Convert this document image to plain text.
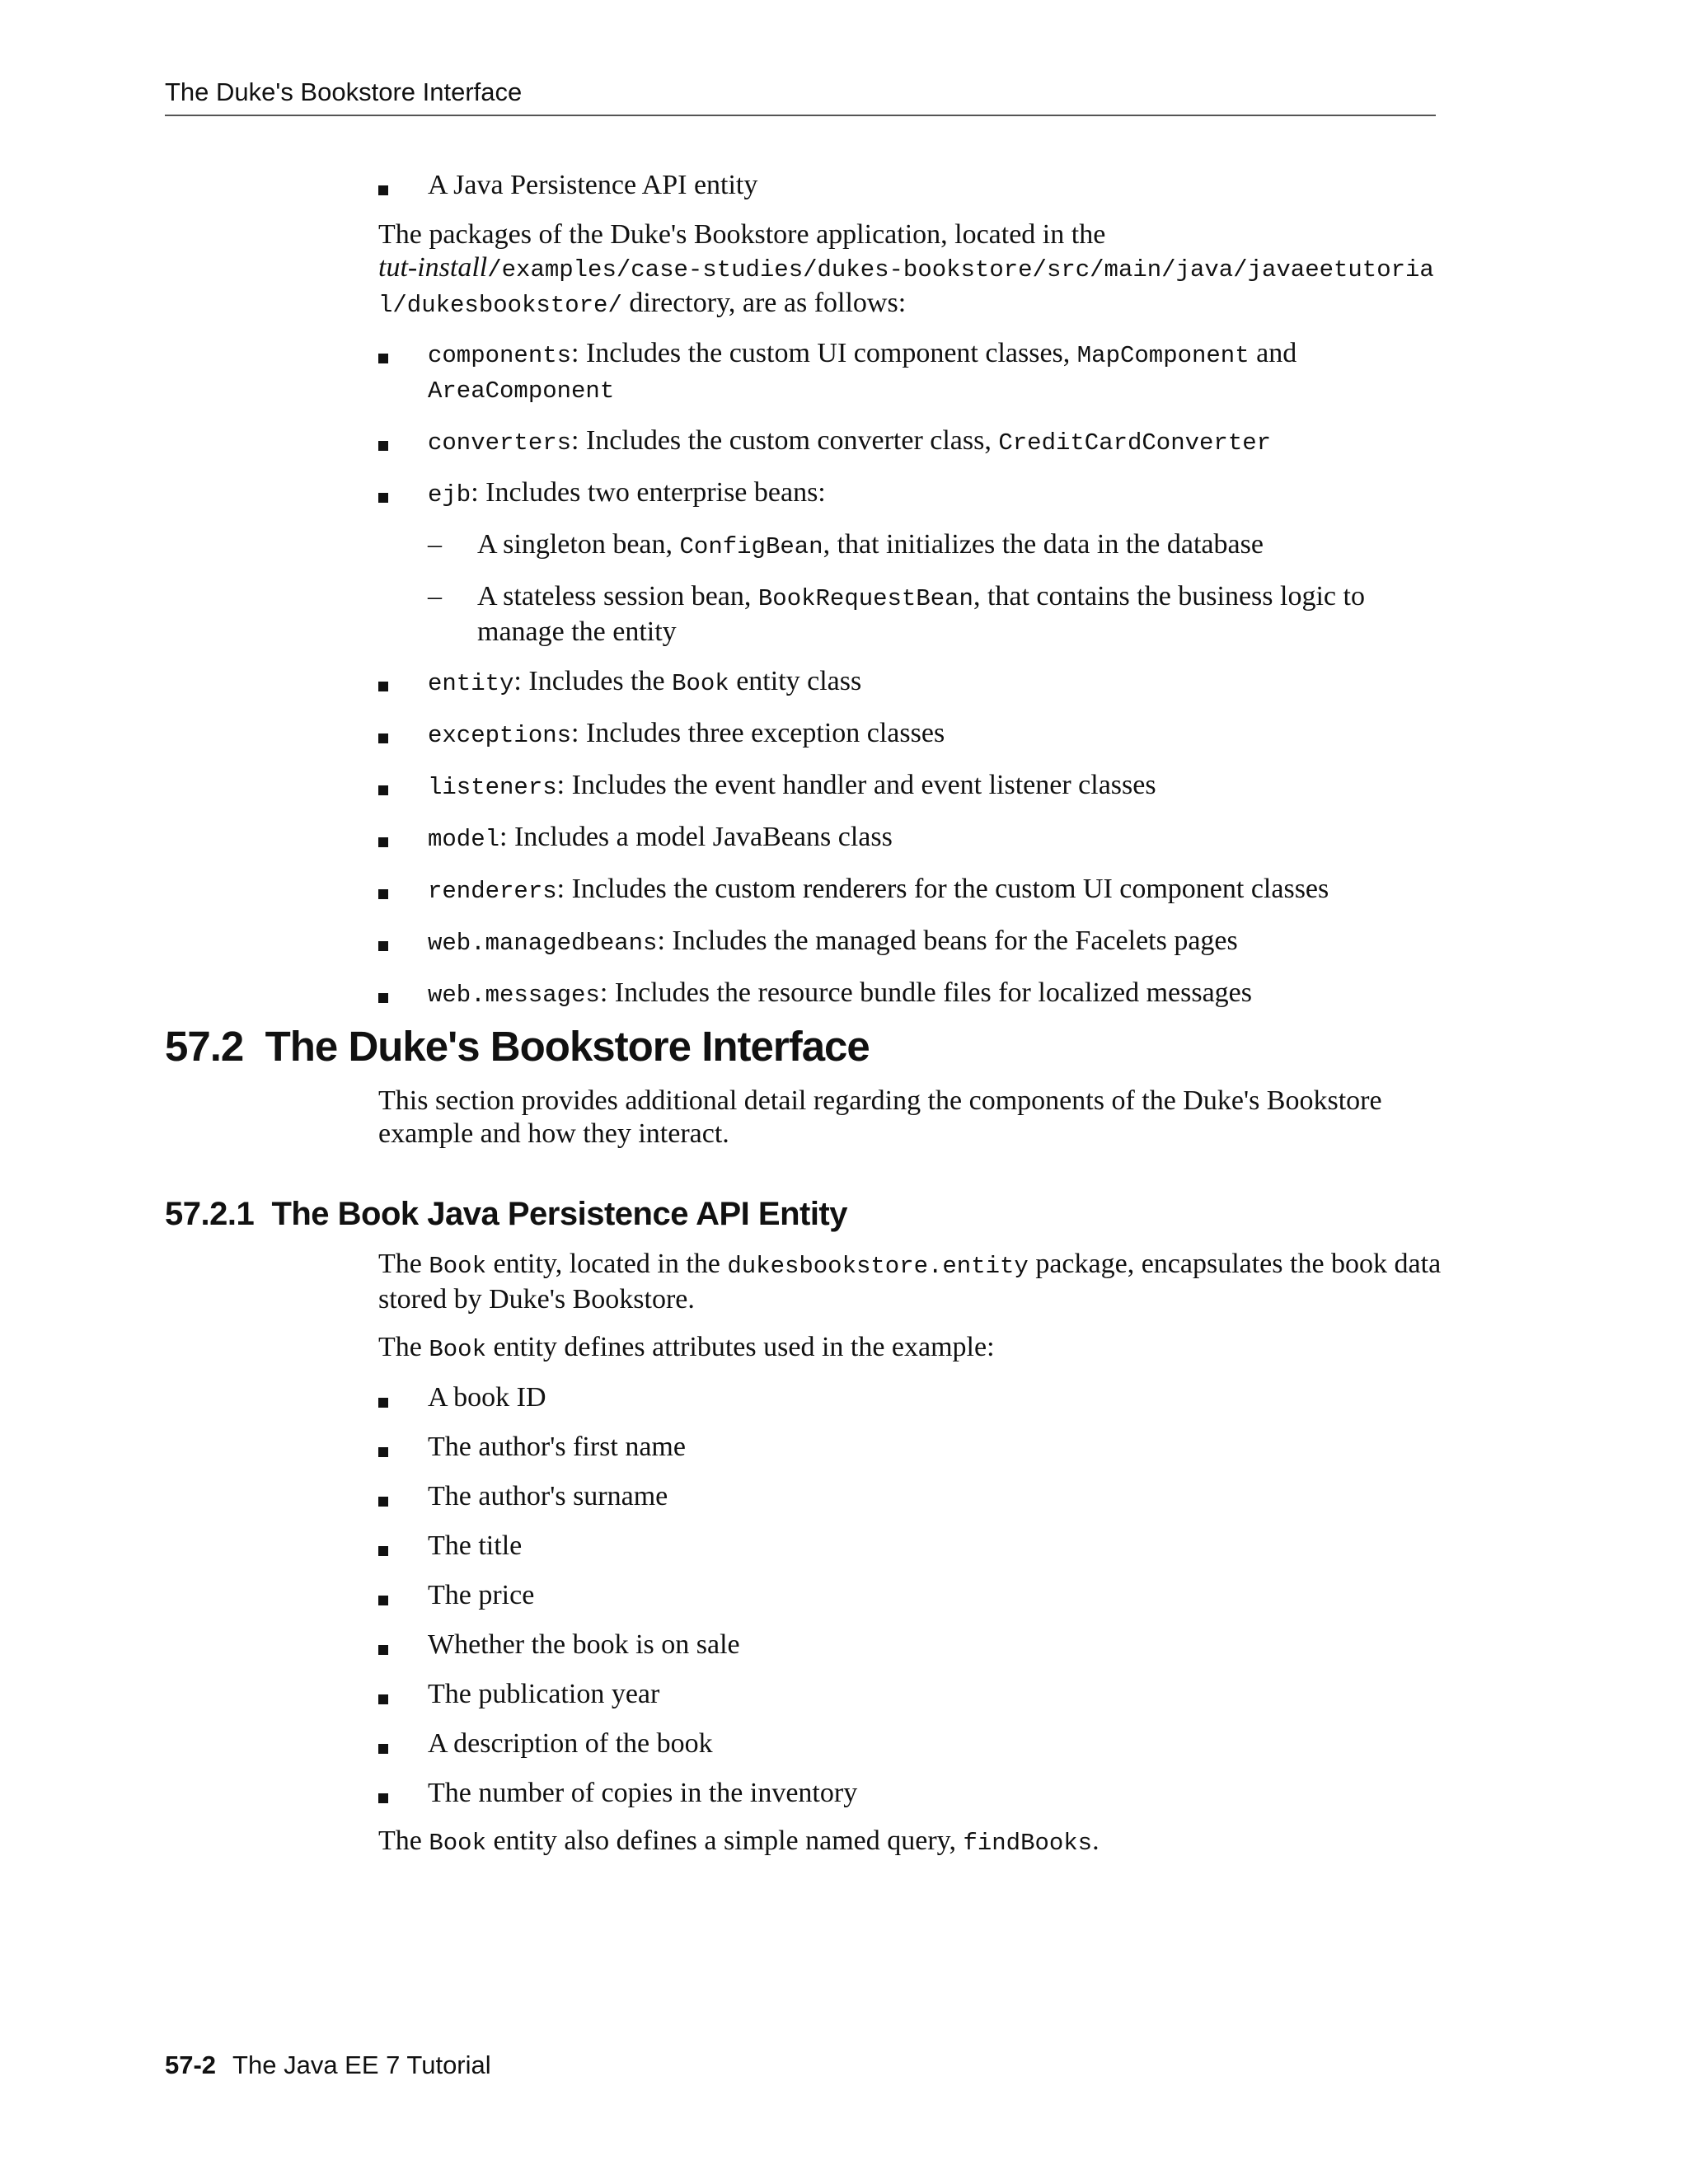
The Duke's Bookstore Interface
A Java Persistence API entity

The packages of the Duke's Bookstore application, located in the
tut-install/examples/case-studies/dukes-bookstore/src/main/java/javaeetutoria
l/dukesbookstore/ directory, are as follows:

components: Includes the custom UI component classes, MapComponent and
AreaComponent
converters: Includes the custom converter class, CreditCardConverter
ejb: Includes two enterprise beans:
– A singleton bean, ConfigBean, that initializes the data in the database
– A stateless session bean, BookRequestBean, that contains the business logic to manage the entity
entity: Includes the Book entity class
exceptions: Includes three exception classes
listeners: Includes the event handler and event listener classes
model: Includes a model JavaBeans class
renderers: Includes the custom renderers for the custom UI component classes
web.managedbeans: Includes the managed beans for the Facelets pages
web.messages: Includes the resource bundle files for localized messages
57.2  The Duke's Bookstore Interface

This section provides additional detail regarding the components of the Duke's Bookstore example and how they interact.

57.2.1  The Book Java Persistence API Entity

The Book entity, located in the dukesbookstore.entity package, encapsulates the book data stored by Duke's Bookstore.

The Book entity defines attributes used in the example:

A book ID
The author's first name
The author's surname
The title
The price
Whether the book is on sale
The publication year
A description of the book
The number of copies in the inventory

The Book entity also defines a simple named query, findBooks.

57-2 The Java EE 7 Tutorial
